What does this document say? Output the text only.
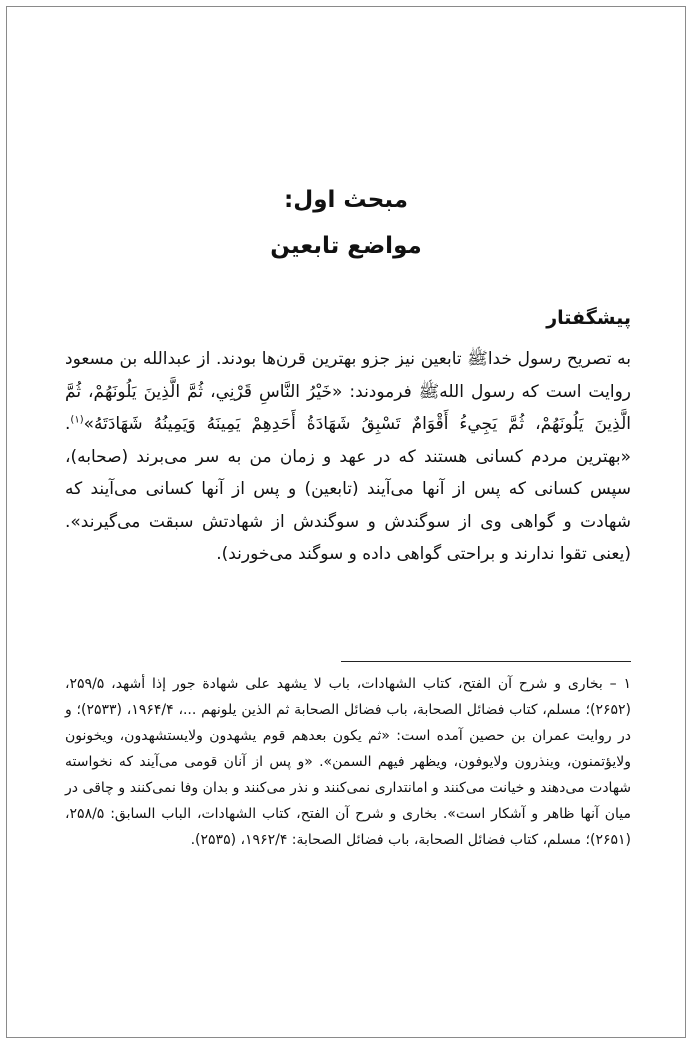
مبحث اول:
مواضع تابعین
پیشگفتار

به تصریح رسول خداﷺ تابعین نیز جزو بهترین قرن‌ها بودند. از عبدالله بن مسعود روایت است که رسول اللهﷺ فرمودند: «خَيْرُ النَّاسِ قَرْنِي، ثُمَّ الَّذِينَ يَلُونَهُمْ، ثُمَّ الَّذِينَ يَلُونَهُمْ، ثُمَّ يَجِيءُ أَقْوَامٌ تَسْبِقُ شَهَادَةُ أَحَدِهِمْ يَمِينَهُ وَيَمِينُهُ شَهَادَتَهُ»$^{(۱)}$. «بهترین مردم کسانی هستند که در عهد و زمان من به سر می‌برند (صحابه)، سپس کسانی که پس از آنها می‌آیند (تابعین) و پس از آنها کسانی می‌آیند که شهادت و گواهی وی از سوگندش و سوگندش از شهادتش سبقت می‌گیرند». (یعنی تقوا ندارند و براحتی گواهی داده و سوگند می‌خورند).

۱ – بخاری و شرح آن الفتح، کتاب الشهادات، باب لا يشهد على شهادة جور إذا أشهد، ۲۵۹/۵، (۲۶۵۲)؛ مسلم، کتاب فضائل الصحابة، باب فضائل الصحابة ثم الذين يلونهم ...، ۱۹۶۴/۴، (۲۵۳۳)؛ و در روایت عمران بن حصین آمده است: «ثم يكون بعدهم قوم يشهدون ولايستشهدون، ويخونون ولايؤتمنون، وينذرون ولايوفون، ويظهر فيهم السمن». «و پس از آنان قومی می‌آیند که نخواسته شهادت می‌دهند و خیانت می‌کنند و امانتداری نمی‌کنند و نذر می‌کنند و بدان وفا نمی‌کنند و چاقی در میان آنها ظاهر و آشکار است». بخاری و شرح آن الفتح، کتاب الشهادات، الباب السابق: ۲۵۸/۵، (۲۶۵۱)؛ مسلم، کتاب فضائل الصحابة، باب فضائل الصحابة: ۱۹۶۲/۴، (۲۵۳۵).
